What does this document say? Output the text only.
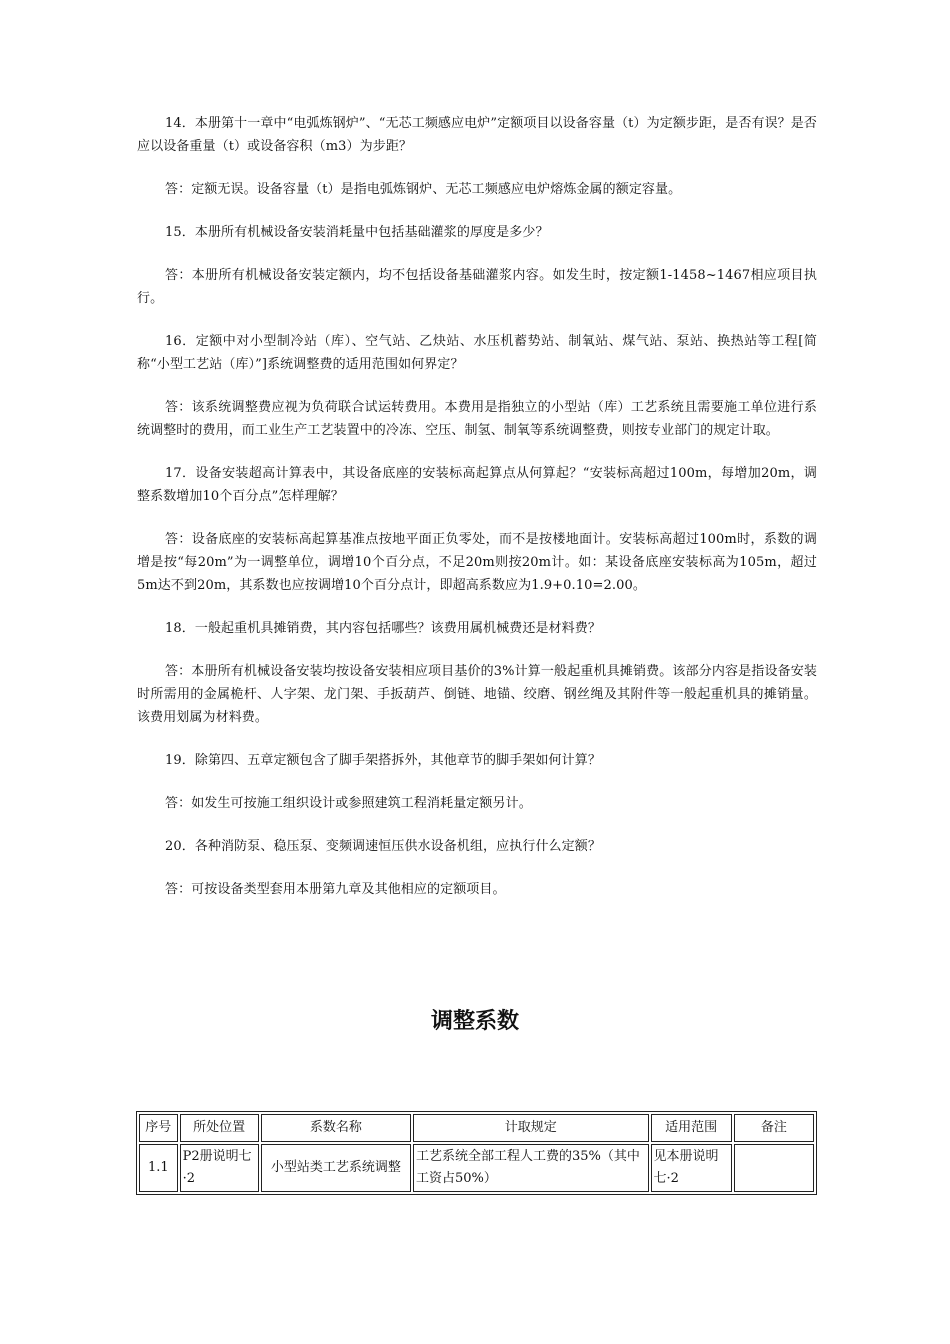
14．本册第十一章中“电弧炼钢炉”、“无芯工频感应电炉”定额项目以设备容量（t）为定额步距，是否有误？是否应以设备重量（t）或设备容积（m3）为步距？

答：定额无误。设备容量（t）是指电弧炼钢炉、无芯工频感应电炉熔炼金属的额定容量。

15．本册所有机械设备安装消耗量中包括基础灌浆的厚度是多少？

答：本册所有机械设备安装定额内，均不包括设备基础灌浆内容。如发生时，按定额1-1458~1467相应项目执行。

16．定额中对小型制冷站（库）、空气站、乙炔站、水压机蓄势站、制氧站、煤气站、泵站、换热站等工程[简称“小型工艺站（库）”]系统调整费的适用范围如何界定？

答：该系统调整费应视为负荷联合试运转费用。本费用是指独立的小型站（库）工艺系统且需要施工单位进行系统调整时的费用，而工业生产工艺装置中的冷冻、空压、制氢、制氧等系统调整费，则按专业部门的规定计取。

17．设备安装超高计算表中，其设备底座的安装标高起算点从何算起？“安装标高超过100m，每增加20m，调整系数增加10个百分点”怎样理解？

答：设备底座的安装标高起算基准点按地平面正负零处，而不是按楼地面计。安装标高超过100m时，系数的调增是按“每20m”为一调整单位，调增10个百分点，不足20m则按20m计。如：某设备底座安装标高为105m，超过5m达不到20m，其系数也应按调增10个百分点计，即超高系数应为1.9+0.10=2.00。

18．一般起重机具摊销费，其内容包括哪些？该费用属机械费还是材料费？

答：本册所有机械设备安装均按设备安装相应项目基价的3%计算一般起重机具摊销费。该部分内容是指设备安装时所需用的金属桅杆、人字架、龙门架、手扳葫芦、倒链、地锚、绞磨、钢丝绳及其附件等一般起重机具的摊销量。该费用划属为材料费。

19．除第四、五章定额包含了脚手架搭拆外，其他章节的脚手架如何计算？

答：如发生可按施工组织设计或参照建筑工程消耗量定额另计。

20．各种消防泵、稳压泵、变频调速恒压供水设备机组，应执行什么定额？

答：可按设备类型套用本册第九章及其他相应的定额项目。

调整系数
序号	所处位置	系数名称	计取规定	适用范围	备注
1.1	P2册说明七·2	小型站类工艺系统调整	工艺系统全部工程人工费的35%（其中工资占50%）	见本册说明七·2	
